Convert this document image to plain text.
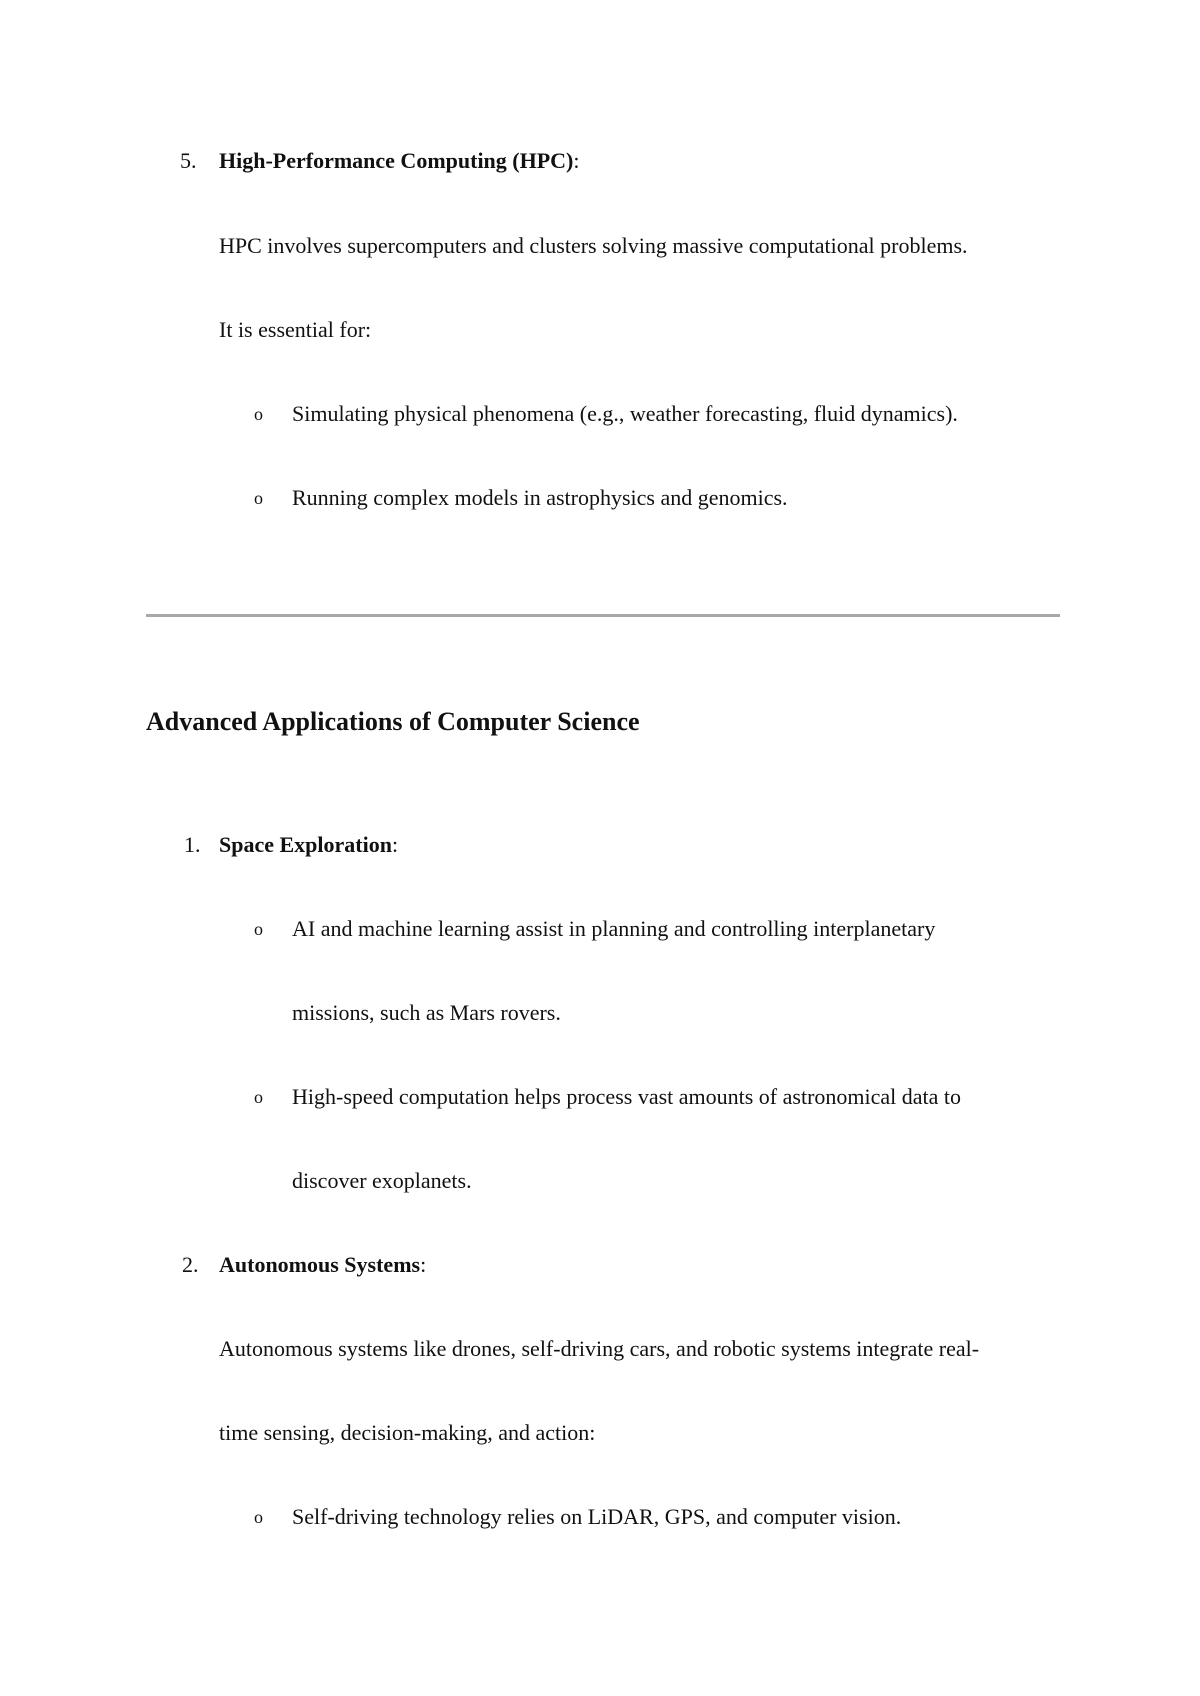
5. High-Performance Computing (HPC):
HPC involves supercomputers and clusters solving massive computational problems.
It is essential for:
o Simulating physical phenomena (e.g., weather forecasting, fluid dynamics).
o Running complex models in astrophysics and genomics.
Advanced Applications of Computer Science
1. Space Exploration:
o AI and machine learning assist in planning and controlling interplanetary
missions, such as Mars rovers.
o High-speed computation helps process vast amounts of astronomical data to
discover exoplanets.
2. Autonomous Systems:
Autonomous systems like drones, self-driving cars, and robotic systems integrate real-
time sensing, decision-making, and action:
o Self-driving technology relies on LiDAR, GPS, and computer vision.
